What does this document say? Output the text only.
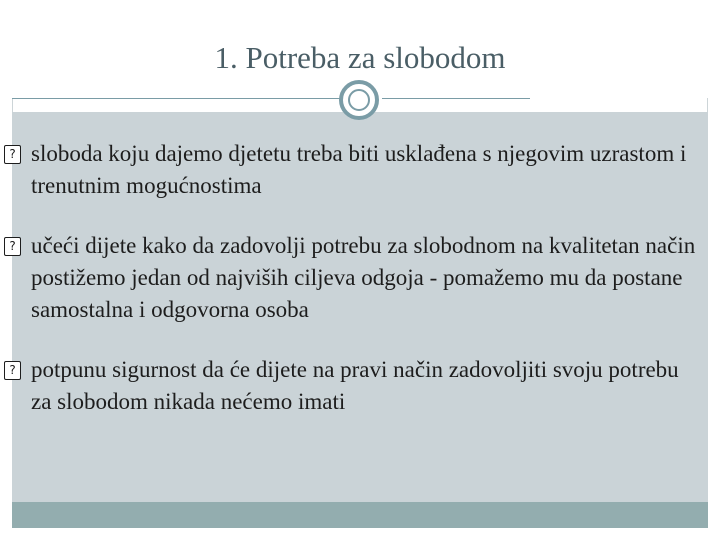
1. Potreba za slobodom
? sloboda koju dajemo djetetu treba biti usklađena s njegovim uzrastom i trenutnim mogućnostima
? učeći dijete kako da zadovolji potrebu za slobodnom na kvalitetan način postižemo jedan od najviših ciljeva odgoja - pomažemo mu da postane samostalna i odgovorna osoba
? potpunu sigurnost da će dijete na pravi način zadovoljiti svoju potrebu za slobodom nikada nećemo imati
